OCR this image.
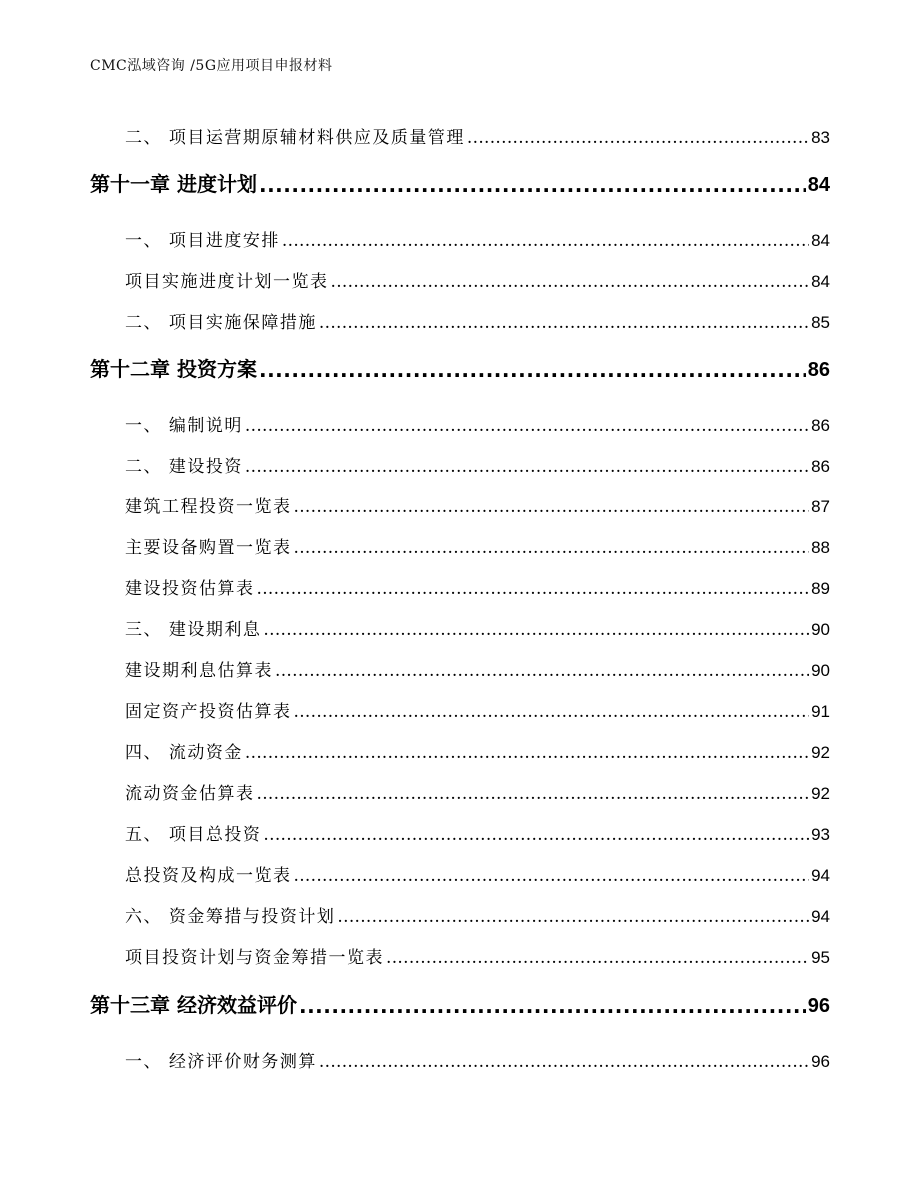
CMC泓域咨询 /5G应用项目申报材料
二、 项目运营期原辅材料供应及质量管理 .....	83
第十一章 进度计划 .....	84
一、 项目进度安排 .....	84
项目实施进度计划一览表 .....	84
二、 项目实施保障措施 .....	85
第十二章 投资方案 .....	86
一、 编制说明 .....	86
二、 建设投资 .....	86
建筑工程投资一览表 .....	87
主要设备购置一览表 .....	88
建设投资估算表 .....	89
三、 建设期利息 .....	90
建设期利息估算表 .....	90
固定资产投资估算表 .....	91
四、 流动资金 .....	92
流动资金估算表 .....	92
五、 项目总投资 .....	93
总投资及构成一览表 .....	94
六、 资金筹措与投资计划 .....	94
项目投资计划与资金筹措一览表 .....	95
第十三章 经济效益评价 .....	96
一、 经济评价财务测算 .....	96
